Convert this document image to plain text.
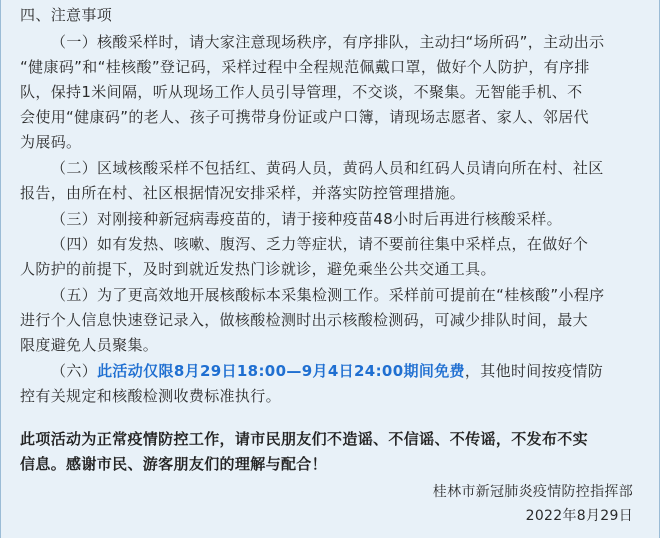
四、注意事项
（一）核酸采样时，请大家注意现场秩序，有序排队，主动扫“场所码”，主动出示
“健康码”和“桂核酸”登记码，采样过程中全程规范佩戴口罩，做好个人防护，有序排
队，保持1米间隔，听从现场工作人员引导管理，不交谈，不聚集。无智能手机、不
会使用“健康码”的老人、孩子可携带身份证或户口簿，请现场志愿者、家人、邻居代
为展码。
（二）区域核酸采样不包括红、黄码人员，黄码人员和红码人员请向所在村、社区
报告，由所在村、社区根据情况安排采样，并落实防控管理措施。
（三）对刚接种新冠病毒疫苗的，请于接种疫苗48小时后再进行核酸采样。
（四）如有发热、咳嗽、腹泻、乏力等症状，请不要前往集中采样点，在做好个
人防护的前提下，及时到就近发热门诊就诊，避免乘坐公共交通工具。
（五）为了更高效地开展核酸标本采集检测工作。采样前可提前在“桂核酸”小程序
进行个人信息快速登记录入，做核酸检测时出示核酸检测码，可减少排队时间，最大
限度避免人员聚集。
（六）此活动仅限8月29日18:00—9月4日24:00期间免费，其他时间按疫情防
控有关规定和核酸检测收费标准执行。
此项活动为正常疫情防控工作，请市民朋友们不造谣、不信谣、不传谣，不发布不实
信息。感谢市民、游客朋友们的理解与配合！
桂林市新冠肺炎疫情防控指挥部
2022年8月29日
